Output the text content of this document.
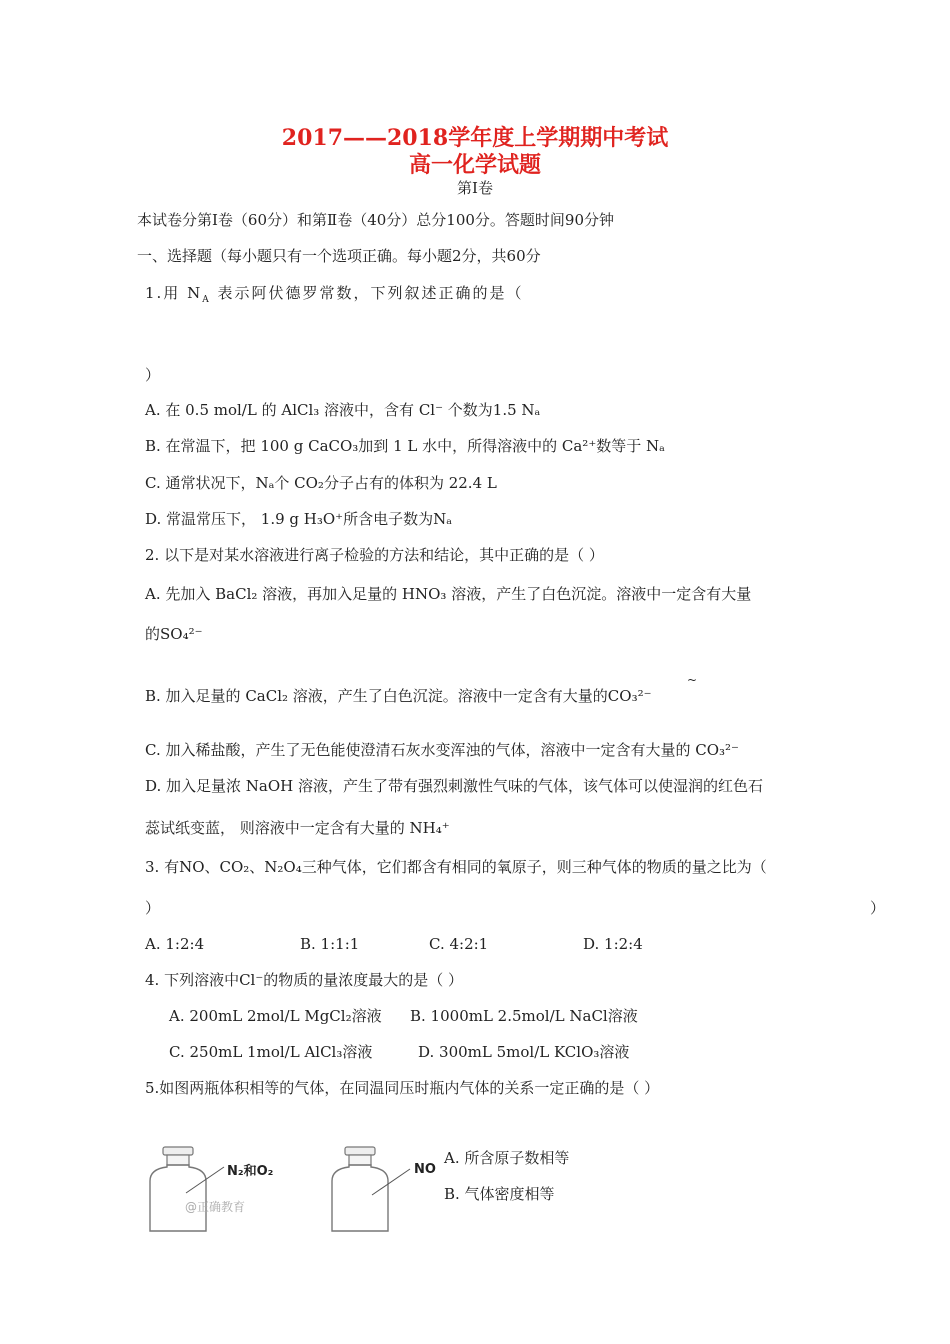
2017——2018学年度上学期期中考试
高一化学试题
第Ⅰ卷
本试卷分第Ⅰ卷（60分）和第Ⅱ卷（40分）总分100分。答题时间90分钟
一、选择题（每小题只有一个选项正确。每小题2分，共60分
1.用 $N_A$ 表示阿伏德罗常数，下列叙述正确的是（
）
A. 在 0.5 mol/L 的 AlCl₃ 溶液中，含有 Cl⁻ 个数为1.5 Nₐ
B. 在常温下，把 100 g CaCO₃加到 1 L 水中，所得溶液中的 Ca²⁺数等于 Nₐ
C. 通常状况下，Nₐ个 CO₂分子占有的体积为 22.4 L
D. 常温常压下， 1.9 g H₃O⁺所含电子数为Nₐ
2. 以下是对某水溶液进行离子检验的方法和结论，其中正确的是（ ）
A. 先加入 BaCl₂ 溶液，再加入足量的 HNO₃ 溶液，产生了白色沉淀。溶液中一定含有大量
的SO₄²⁻
~
B. 加入足量的 CaCl₂ 溶液，产生了白色沉淀。溶液中一定含有大量的CO₃²⁻
C. 加入稀盐酸，产生了无色能使澄清石灰水变浑浊的气体，溶液中一定含有大量的 CO₃²⁻
D. 加入足量浓 NaOH 溶液，产生了带有强烈刺激性气味的气体，该气体可以使湿润的红色石
蕊试纸变蓝， 则溶液中一定含有大量的 NH₄⁺
3. 有NO、CO₂、N₂O₄三种气体，它们都含有相同的氧原子，则三种气体的物质的量之比为（
）	）
A. 1:2:4	B. 1:1:1	C. 4:2:1	D. 1:2:4
4. 下列溶液中Cl⁻的物质的量浓度最大的是（ ）
A. 200mL 2mol/L MgCl₂溶液 B. 1000mL 2.5mol/L NaCl溶液
C. 250mL 1mol/L AlCl₃溶液	D. 300mL 5mol/L KClO₃溶液
5.如图两瓶体积相等的气体，在同温同压时瓶内气体的关系一定正确的是（ ）
N₂和O₂
@正确教育
NO
A. 所含原子数相等
B. 气体密度相等
